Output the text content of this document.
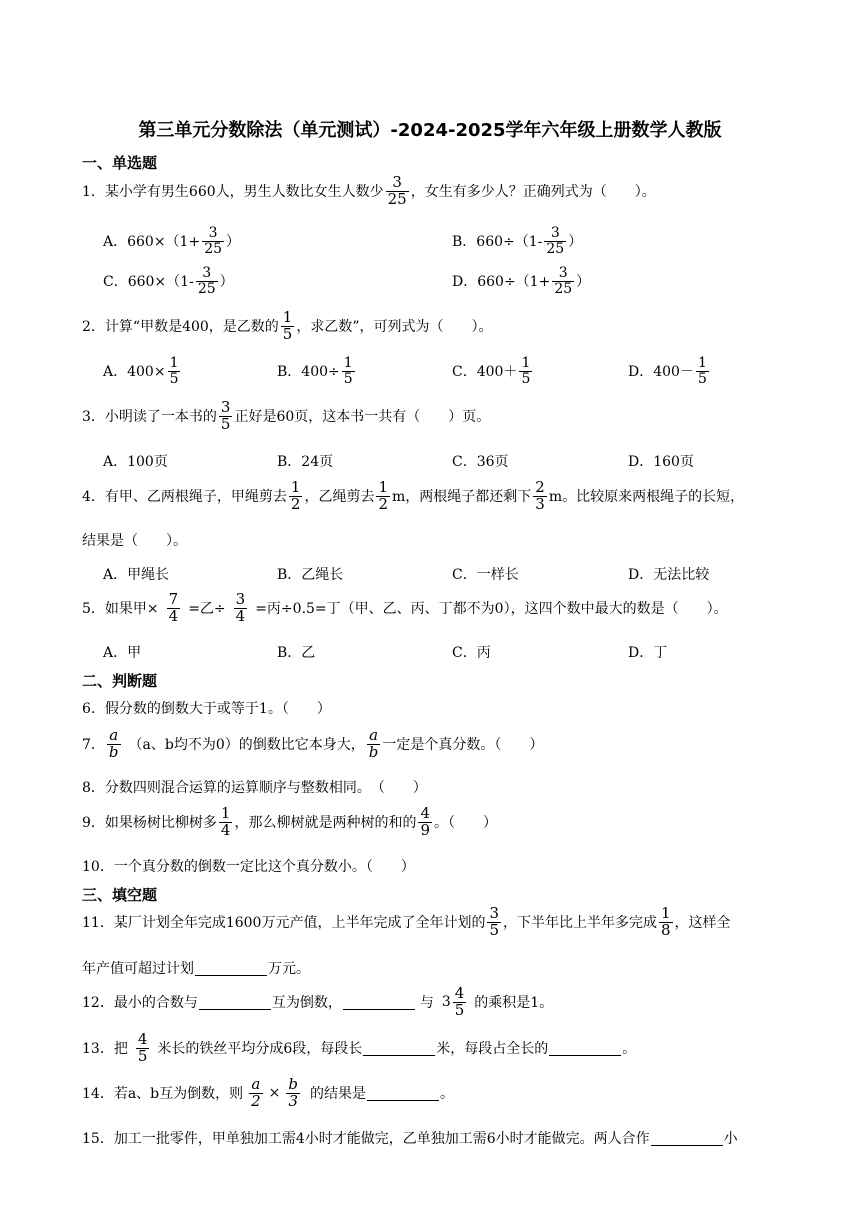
第三单元分数除法（单元测试）-2024-2025学年六年级上册数学人教版
一、单选题
1．某小学有男生660人，男生人数比女生人数少 $\frac{3}{25}$ ，女生有多少人？正确列式为（　　）。
A．$660\times(1+ \frac{3}{25}$ ）	B．$660\div(1- \frac{3}{25}$ ）
C．$660\times(1- \frac{3}{25}$ ）	D．$660\div(1+ \frac{3}{25}$ ）
2．计算“甲数是400，是乙数的 $\frac{1}{5}$ ，求乙数”，可列式为（　　）。
A．$400\times \frac{1}{5}$	B．$400\div \frac{1}{5}$	C．$400+ \frac{1}{5}$	D．$400- \frac{1}{5}$
3．小明读了一本书的 $\frac{3}{5}$ 正好是60页，这本书一共有（　　）页。
A．100页	B．24页	C．36页	D．160页
4．有甲、乙两根绳子，甲绳剪去 $\frac{1}{2}$ ，乙绳剪去 $\frac{1}{2}$ m，两根绳子都还剩下 $\frac{2}{3}$ m。比较原来两根绳子的长短，
结果是（　　）。
A．甲绳长	B．乙绳长	C．一样长	D．无法比较
5．如果甲× $\frac{7}{4}$ =乙÷ $\frac{3}{4}$ =丙÷0.5=丁（甲、乙、丙、丁都不为0），这四个数中最大的数是（　　）。
A．甲	B．乙	C．丙	D．丁
二、判断题
6．假分数的倒数大于或等于1。（　　）
7． $\frac{a}{b} (a$、b均不为0）的倒数比它本身大， $\frac{a}{b}$ 一定是个真分数。（　　）
8．分数四则混合运算的运算顺序与整数相同。　（　　）
9．如果杨树比柳树多 $\frac{1}{4}$ ，那么柳树就是两种树的和的 $\frac{4}{9}$ 。（　　）
10．一个真分数的倒数一定比这个真分数小。（　　）
三、填空题
11．某厂计划全年完成1600万元产值，上半年完成了全年计划的 $\frac{3}{5}$ ，下半年比上半年多完成 $\frac{1}{8}$ ，这样全
年产值可超过计划	万元。
12．最小的合数与	互为倒数，	与 $3 \frac{4}{5}$ 的乘积是1。
13．把 $\frac{4}{5}$ 米长的铁丝平均分成6段，每段长	米，每段占全长的	。
14．若a、b互为倒数，则 $\frac{a}{2} \times \frac{b}{3}$ 的结果是	。
15．加工一批零件，甲单独加工需4小时才能做完，乙单独加工需6小时才能做完。两人合作	小
